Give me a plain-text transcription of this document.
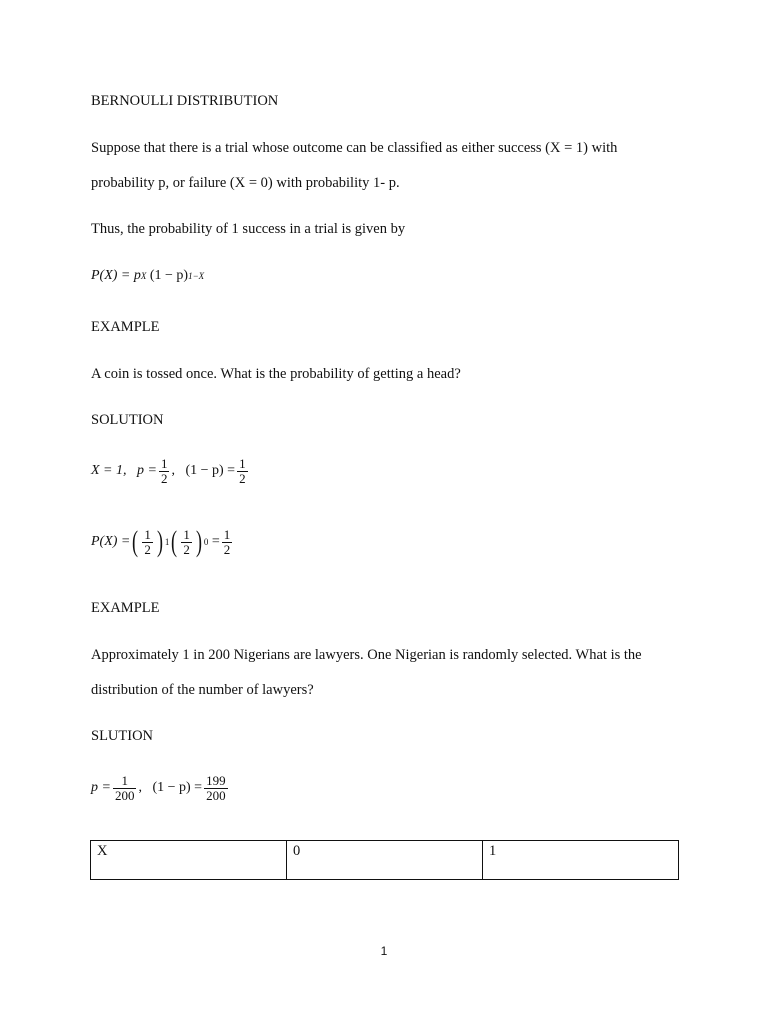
BERNOULLI DISTRIBUTION
Suppose that there is a trial whose outcome can be classified as either success (X = 1) with
probability p, or failure (X = 0) with probability 1- p.
Thus, the probability of 1 success in a trial is given by
P(X) = p X
(1 − p) 1−X
EXAMPLE
A coin is tossed once. What is the probability of getting a head?
SOLUTION
X = 1,
$p = \frac{1}{2}$ ,
$(1 - p) = \frac{1}{2}$
P(X) = ( $\frac{1}{2}$ ) 1 ( $\frac{1}{2}$ ) 0
= $\frac{1}{2}$
EXAMPLE
Approximately 1 in 200 Nigerians are lawyers. One Nigerian is randomly selected. What is the
distribution of the number of lawyers?
SLUTION
$p = \frac{1}{200}$ ,
$(1 - p) = \frac{199}{200}$
X	0	1
1
